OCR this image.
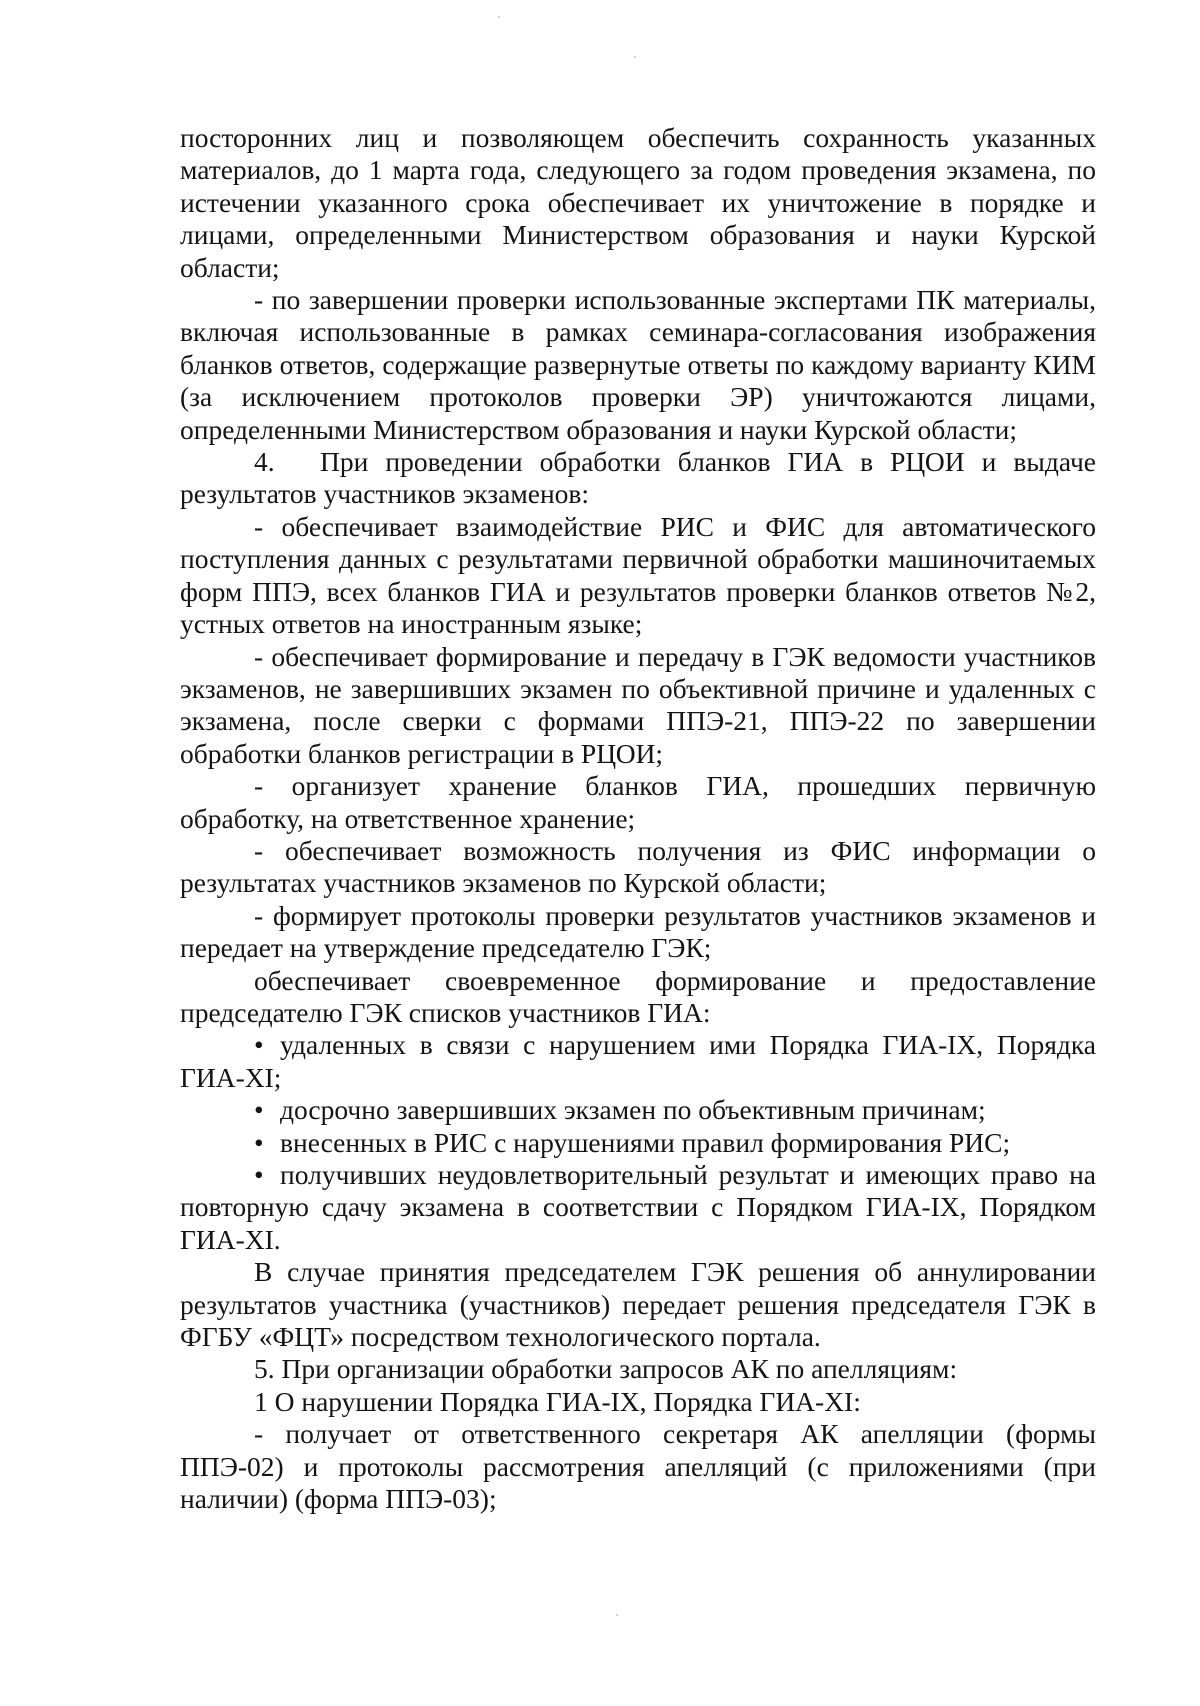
посторонних лиц и позволяющем обеспечить сохранность указанных материалов, до 1 марта года, следующего за годом проведения экзамена, по истечении указанного срока обеспечивает их уничтожение в порядке и лицами, определенными Министерством образования и науки Курской области;

- по завершении проверки использованные экспертами ПК материалы, включая использованные в рамках семинара-согласования изображения бланков ответов, содержащие развернутые ответы по каждому варианту КИМ (за исключением протоколов проверки ЭР) уничтожаются лицами, определенными Министерством образования и науки Курской области;

4. При проведении обработки бланков ГИА в РЦОИ и выдаче результатов участников экзаменов:

- обеспечивает взаимодействие РИС и ФИС для автоматического поступления данных с результатами первичной обработки машиночитаемых форм ППЭ, всех бланков ГИА и результатов проверки бланков ответов №2, устных ответов на иностранным языке;

- обеспечивает формирование и передачу в ГЭК ведомости участников экзаменов, не завершивших экзамен по объективной причине и удаленных с экзамена, после сверки с формами ППЭ-21, ППЭ-22 по завершении обработки бланков регистрации в РЦОИ;

- организует хранение бланков ГИА, прошедших первичную обработку, на ответственное хранение;

- обеспечивает возможность получения из ФИС информации о результатах участников экзаменов по Курской области;

- формирует протоколы проверки результатов участников экзаменов и передает на утверждение председателю ГЭК;

обеспечивает своевременное формирование и предоставление председателю ГЭК списков участников ГИА:

• удаленных в связи с нарушением ими Порядка ГИА-IX, Порядка ГИА-XI;

• досрочно завершивших экзамен по объективным причинам;

• внесенных в РИС с нарушениями правил формирования РИС;

• получивших неудовлетворительный результат и имеющих право на повторную сдачу экзамена в соответствии с Порядком ГИА-IX, Порядком ГИА-XI.

В случае принятия председателем ГЭК решения об аннулировании результатов участника (участников) передает решения председателя ГЭК в ФГБУ «ФЦТ» посредством технологического портала.

5. При организации обработки запросов АК по апелляциям:

1 О нарушении Порядка ГИА-IX, Порядка ГИА-XI:

- получает от ответственного секретаря АК апелляции (формы ППЭ-02) и протоколы рассмотрения апелляций (с приложениями (при наличии) (форма ППЭ-03);
